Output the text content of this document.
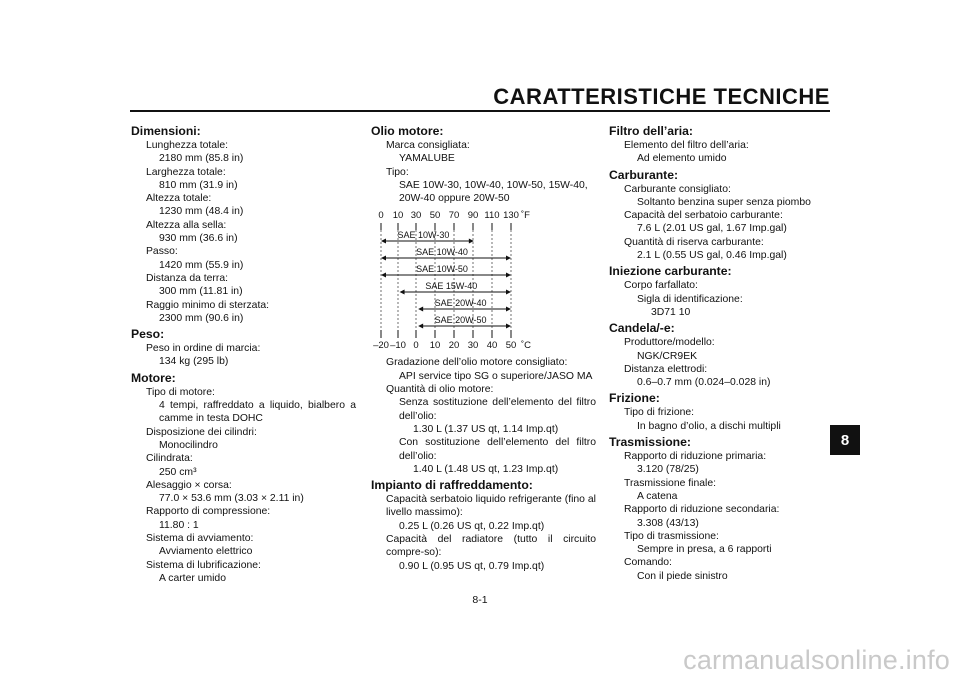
CARATTERISTICHE TECNICHE
Dimensioni:
Lunghezza totale:
2180 mm (85.8 in)
Larghezza totale:
810 mm (31.9 in)
Altezza totale:
1230 mm (48.4 in)
Altezza alla sella:
930 mm (36.6 in)
Passo:
1420 mm (55.9 in)
Distanza da terra:
300 mm (11.81 in)
Raggio minimo di sterzata:
2300 mm (90.6 in)
Peso:
Peso in ordine di marcia:
134 kg (295 lb)
Motore:
Tipo di motore:
4 tempi, raffreddato a liquido, bialbero a camme in testa DOHC
Disposizione dei cilindri:
Monocilindro
Cilindrata:
250 cm³
Alesaggio × corsa:
77.0 × 53.6 mm (3.03 × 2.11 in)
Rapporto di compressione:
11.80 : 1
Sistema di avviamento:
Avviamento elettrico
Sistema di lubrificazione:
A carter umido
Olio motore:
Marca consigliata:
YAMALUBE
Tipo:
SAE 10W-30, 10W-40, 10W-50, 15W-40, 20W-40 oppure 20W-50
0 10 30 50 70 90 110 130 ˚F
–20 –10 0 10 20 30 40 50 ˚C
SAE 10W-30
SAE 10W-40
SAE 10W-50
SAE 15W-40
SAE 20W-40
SAE 20W-50
Gradazione dell’olio motore consigliato:
API service tipo SG o superiore/JASO MA
Quantità di olio motore:
Senza sostituzione dell’elemento del filtro dell’olio:
1.30 L (1.37 US qt, 1.14 Imp.qt)
Con sostituzione dell’elemento del filtro dell’olio:
1.40 L (1.48 US qt, 1.23 Imp.qt)
Impianto di raffreddamento:
Capacità serbatoio liquido refrigerante (fino al livello massimo):
0.25 L (0.26 US qt, 0.22 Imp.qt)
Capacità del radiatore (tutto il circuito compre-so):
0.90 L (0.95 US qt, 0.79 Imp.qt)
Filtro dell’aria:
Elemento del filtro dell’aria:
Ad elemento umido
Carburante:
Carburante consigliato:
Soltanto benzina super senza piombo
Capacità del serbatoio carburante:
7.6 L (2.01 US gal, 1.67 Imp.gal)
Quantità di riserva carburante:
2.1 L (0.55 US gal, 0.46 Imp.gal)
Iniezione carburante:
Corpo farfallato:
Sigla di identificazione:
3D71 10
Candela/-e:
Produttore/modello:
NGK/CR9EK
Distanza elettrodi:
0.6–0.7 mm (0.024–0.028 in)
Frizione:
Tipo di frizione:
In bagno d’olio, a dischi multipli
Trasmissione:
Rapporto di riduzione primaria:
3.120 (78/25)
Trasmissione finale:
A catena
Rapporto di riduzione secondaria:
3.308 (43/13)
Tipo di trasmissione:
Sempre in presa, a 6 rapporti
Comando:
Con il piede sinistro
8
8-1
carmanualsonline.info
